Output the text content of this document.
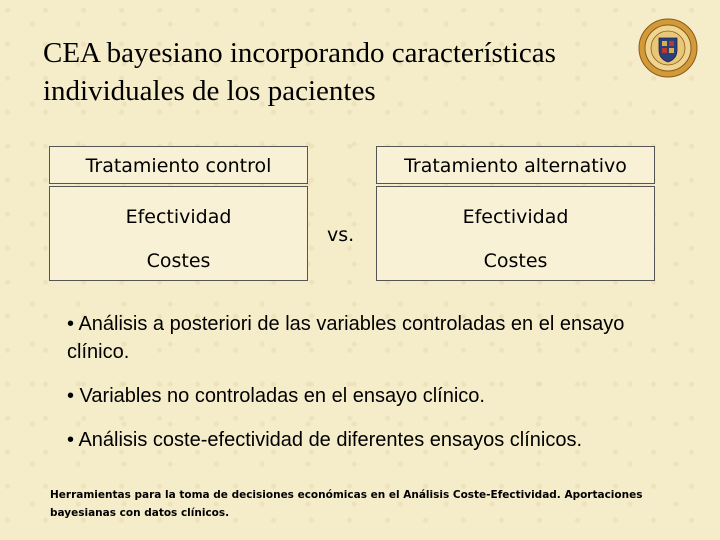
CEA bayesiano incorporando características
individuales de los pacientes
Tratamiento control
Efectividad
Costes
vs.
Tratamiento alternativo
Efectividad
Costes
• Análisis a posteriori de las variables controladas en el ensayo clínico.
• Variables no controladas en el ensayo clínico.
• Análisis coste-efectividad de diferentes ensayos clínicos.
Herramientas para la toma de decisiones económicas en el Análisis Coste-Efectividad. Aportaciones bayesianas con datos clínicos.
